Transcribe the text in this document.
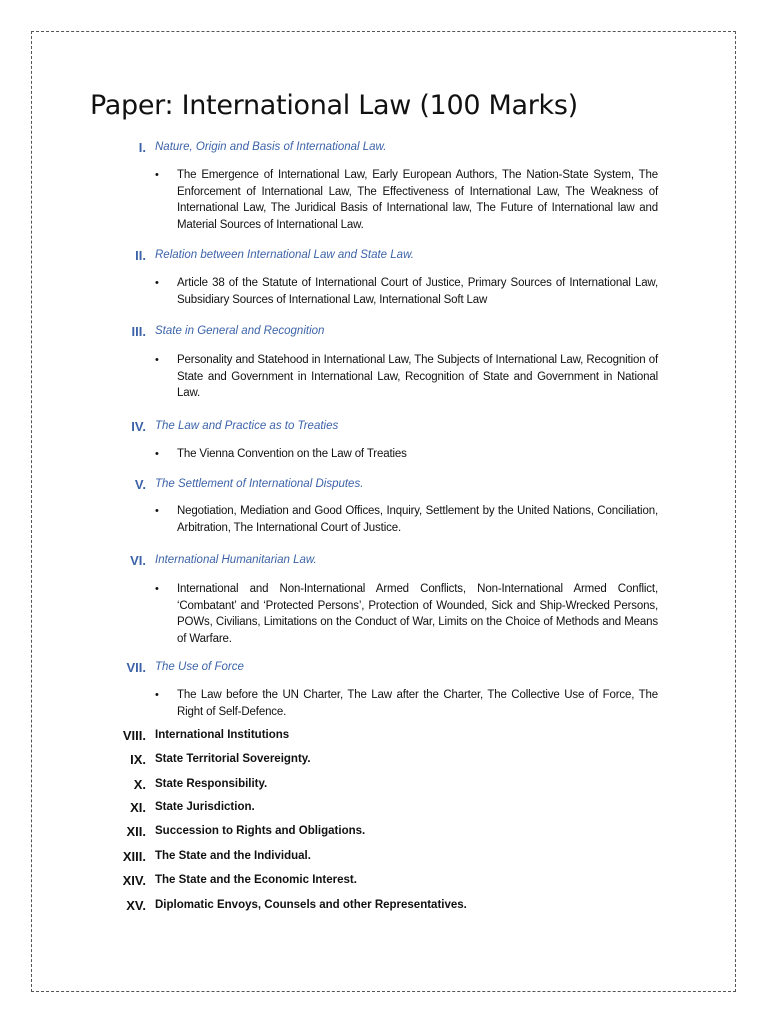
Paper: International Law (100 Marks)
I. Nature, Origin and Basis of International Law.
• The Emergence of International Law, Early European Authors, The Nation-State System, The Enforcement of International Law, The Effectiveness of International Law, The Weakness of International Law, The Juridical Basis of International law, The Future of International law and Material Sources of International Law.
II. Relation between International Law and State Law.
• Article 38 of the Statute of International Court of Justice, Primary Sources of International Law, Subsidiary Sources of International Law, International Soft Law
III. State in General and Recognition
• Personality and Statehood in International Law, The Subjects of International Law, Recognition of State and Government in International Law, Recognition of State and Government in National Law.
IV. The Law and Practice as to Treaties
• The Vienna Convention on the Law of Treaties
V. The Settlement of International Disputes.
• Negotiation, Mediation and Good Offices, Inquiry, Settlement by the United Nations, Conciliation, Arbitration, The International Court of Justice.
VI. International Humanitarian Law.
• International and Non-International Armed Conflicts, Non-International Armed Conflict, ‘Combatant’ and ‘Protected Persons’, Protection of Wounded, Sick and Ship-Wrecked Persons, POWs, Civilians, Limitations on the Conduct of War, Limits on the Choice of Methods and Means of Warfare.
VII. The Use of Force
• The Law before the UN Charter, The Law after the Charter, The Collective Use of Force, The Right of Self-Defence.
VIII. International Institutions
IX. State Territorial Sovereignty.
X. State Responsibility.
XI. State Jurisdiction.
XII. Succession to Rights and Obligations.
XIII. The State and the Individual.
XIV. The State and the Economic Interest.
XV. Diplomatic Envoys, Counsels and other Representatives.
